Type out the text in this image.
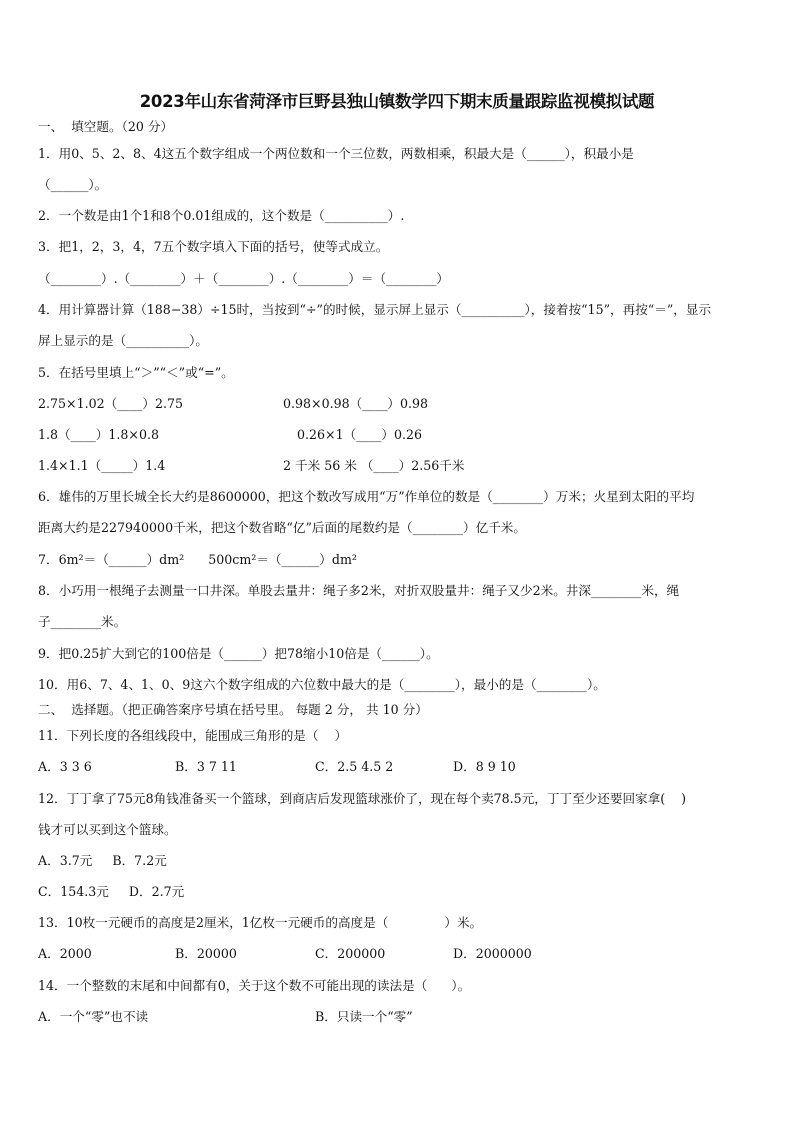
2023年山东省菏泽市巨野县独山镇数学四下期末质量跟踪监视模拟试题
一、  填空题。（20 分）
1．用0、5、2、8、4这五个数字组成一个两位数和一个三位数，两数相乘，积最大是（______），积最小是
（______）。
2．一个数是由1个1和8个0.01组成的，这个数是（__________）.
3．把1，2，3，4，7五个数字填入下面的括号，使等式成立。
（________）.（________）＋（________）.（________）＝（________）
4．用计算器计算（188−38）÷15时，当按到“÷”的时候，显示屏上显示（__________），接着按“15”，再按“＝”，显示
屏上显示的是（__________）。
5．在括号里填上“＞”“＜”或“=”。
2.75×1.02（____）2.75	0.98×0.98（____）0.98
1.8（____）1.8×0.8	0.26×1（____）0.26
1.4×1.1（_____）1.4	2 千米 56 米 （____）2.56千米
6．雄伟的万里长城全长大约是8600000，把这个数改写成用“万”作单位的数是（________）万米；火星到太阳的平均
距离大约是227940000千米，把这个数省略“亿”后面的尾数约是（________）亿千米。
7．6m²＝（______）dm²      500cm²＝（______）dm²
8．小巧用一根绳子去测量一口井深。单股去量井：绳子多2米，对折双股量井：绳子又少2米。井深________米，绳
子________米。
9．把0.25扩大到它的100倍是（______）把78缩小10倍是（______）。
10．用6、7、4、1、0、9这六个数字组成的六位数中最大的是（________），最小的是（________）。
二、  选择题。（把正确答案序号填在括号里。 每题 2 分， 共 10 分）
11．下列长度的各组线段中，能围成三角形的是（    ）
A．3 3 6	B．3 7 11	C．2.5 4.5 2	D．8 9 10
12．丁丁拿了75元8角钱准备买一个篮球，到商店后发现篮球涨价了，现在每个卖78.5元，丁丁至少还要回家拿(    )
钱才可以买到这个篮球。
A．3.7元     B．7.2元
C．154.3元     D．2.7元
13．10枚一元硬币的高度是2厘米，1亿枚一元硬币的高度是（              ）米。
A．2000	B．20000	C．200000	D．2000000
14．一个整数的末尾和中间都有0，关于这个数不可能出现的读法是（      ）。
A．一个“零”也不读	B．只读一个“零”
